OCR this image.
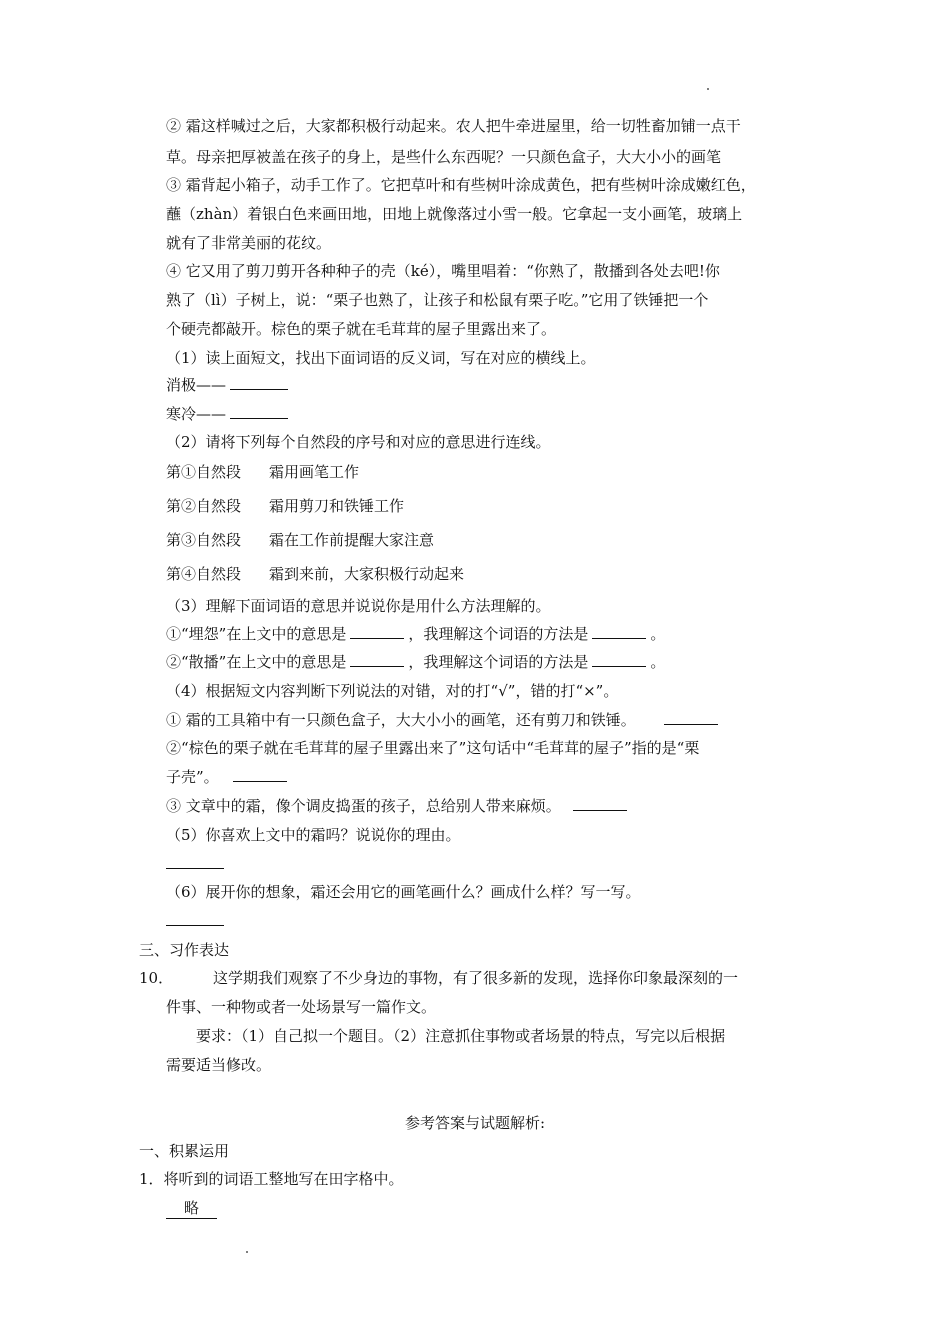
② 霜这样喊过之后，大家都积极行动起来。农人把牛牵进屋里，给一切牲畜加铺一点干
草。母亲把厚被盖在孩子的身上，是些什么东西呢？一只颜色盒子，大大小小的画笔
③ 霜背起小箱子，动手工作了。它把草叶和有些树叶涂成黄色，把有些树叶涂成嫩红色，
蘸（zhàn）着银白色来画田地，田地上就像落过小雪一般。它拿起一支小画笔，玻璃上
就有了非常美丽的花纹。
④ 它又用了剪刀剪开各种种子的壳（ké），嘴里唱着：“你熟了，散播到各处去吧!你
熟了（lì）子树上，说：“栗子也熟了，让孩子和松鼠有栗子吃。”它用了铁锤把一个
个硬壳都敲开。棕色的栗子就在毛茸茸的屋子里露出来了。
（1）读上面短文，找出下面词语的反义词，写在对应的横线上。
消极——
寒冷——
（2）请将下列每个自然段的序号和对应的意思进行连线。
第①自然段 霜用画笔工作
第②自然段 霜用剪刀和铁锤工作
第③自然段 霜在工作前提醒大家注意
第④自然段 霜到来前，大家积极行动起来
（3）理解下面词语的意思并说说你是用什么方法理解的。
①“埋怨”在上文中的意思是	，我理解这个词语的方法是	。
②“散播”在上文中的意思是	，我理解这个词语的方法是	。
（4）根据短文内容判断下列说法的对错，对的打“√”，错的打“×”。
① 霜的工具箱中有一只颜色盒子，大大小小的画笔，还有剪刀和铁锤。
②“棕色的栗子就在毛茸茸的屋子里露出来了”这句话中“毛茸茸的屋子”指的是“栗
子壳”。
③ 文章中的霜，像个调皮捣蛋的孩子，总给别人带来麻烦。
（5）你喜欢上文中的霜吗？说说你的理由。
（6）展开你的想象，霜还会用它的画笔画什么？画成什么样？写一写。
三、习作表达
10．	这学期我们观察了不少身边的事物，有了很多新的发现，选择你印象最深刻的一
件事、一种物或者一处场景写一篇作文。
要求：（1）自己拟一个题目。（2）注意抓住事物或者场景的特点，写完以后根据
需要适当修改。
参考答案与试题解析:
一、积累运用
1．将听到的词语工整地写在田字格中。
略
